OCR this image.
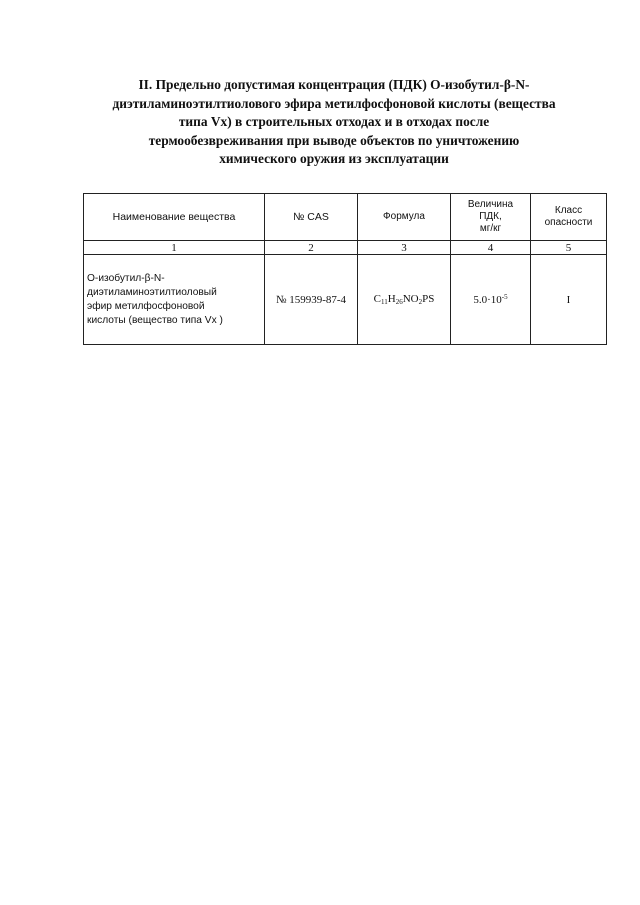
II. Предельно допустимая концентрация (ПДК) О-изобутил-β-N-
диэтиламиноэтилтиолового эфира метилфосфоновой кислоты (вещества
типа Vx) в строительных отходах и в отходах после
термообезвреживания при выводе объектов по уничтожению
химического оружия из эксплуатации
Наименование вещества	№ CAS	Формула	Величина
ПДК,
мг/кг	Класс
опасности

1	2	3	4	5

О-изобутил-β-N-
диэтиламиноэтилтиоловый
эфир метилфосфоновой
кислоты (вещество типа Vx )	№ 159939-87-4	$C_{11}H_{26}NO_2PS$	$5.0\cdot 10^{-5}$	I
